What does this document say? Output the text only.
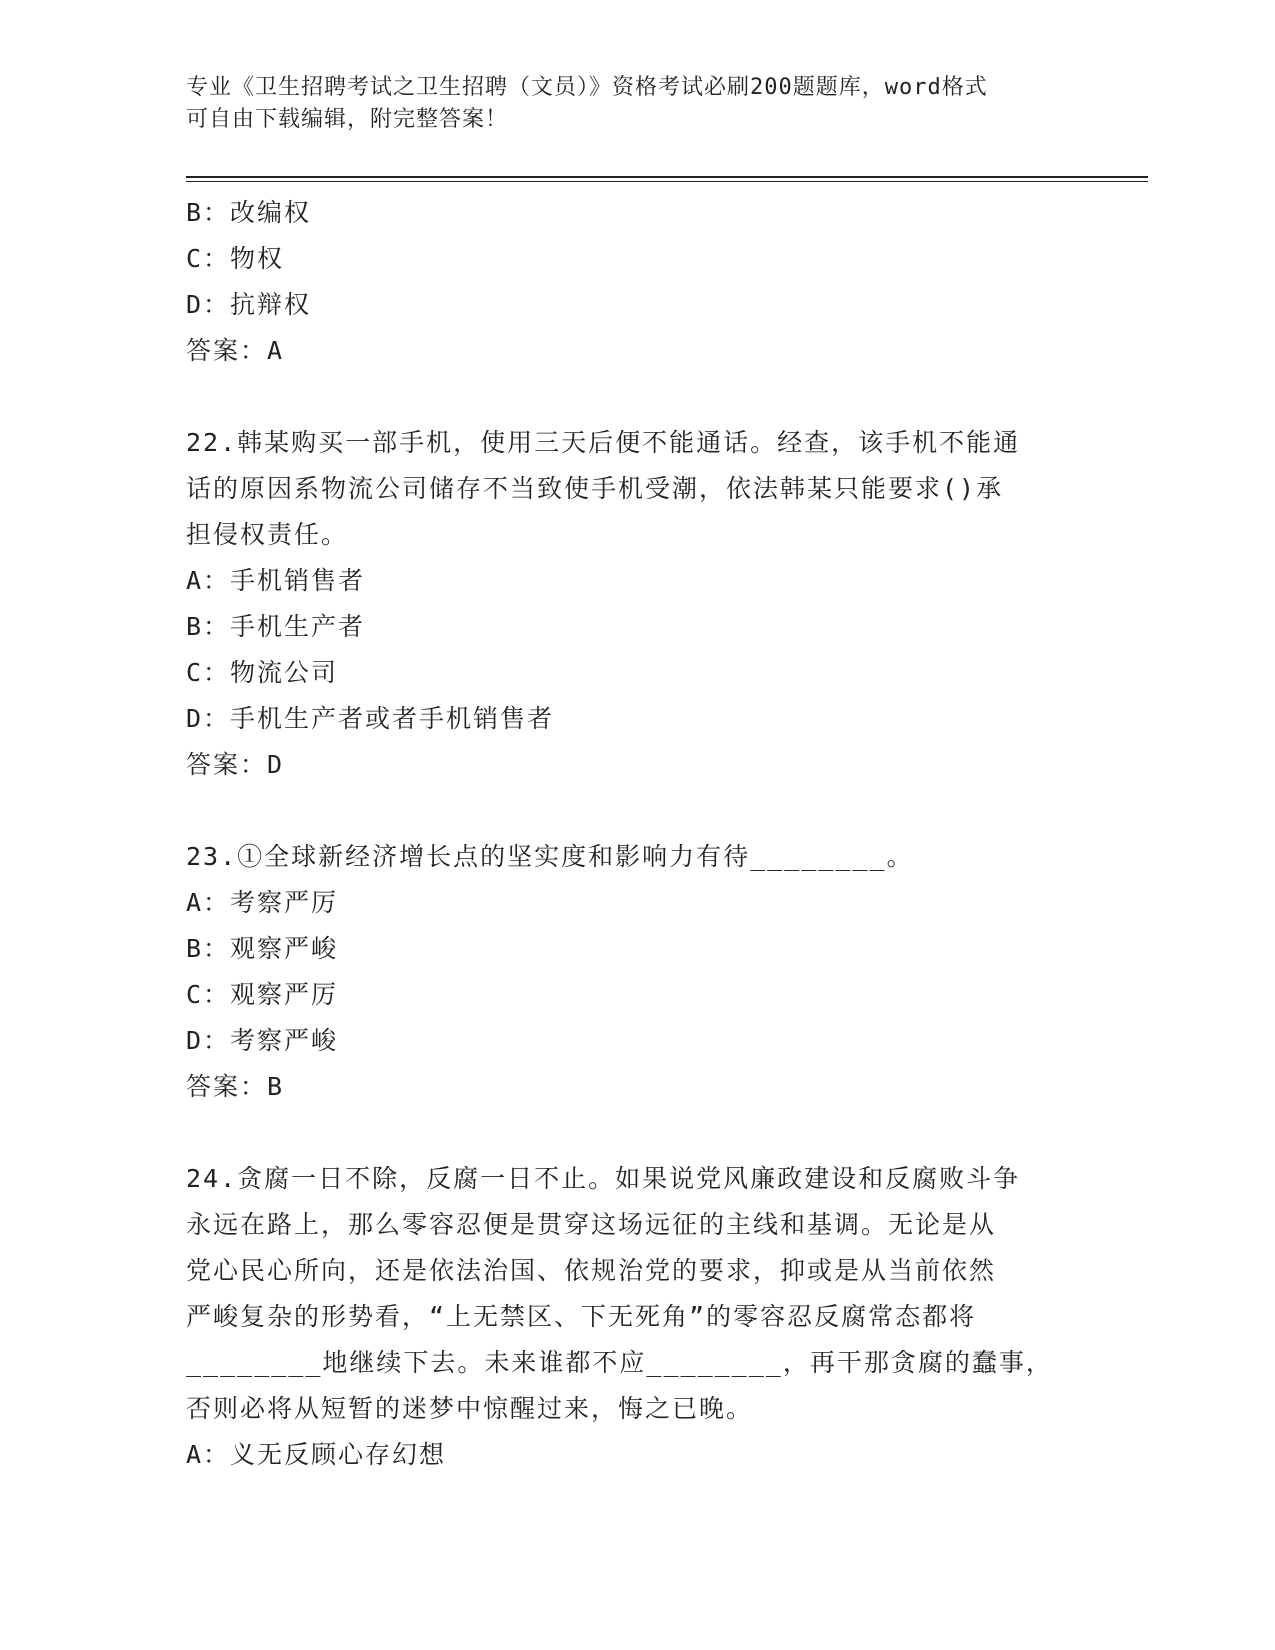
专业《卫生招聘考试之卫生招聘（文员）》资格考试必刷200题题库，word格式
可自由下载编辑，附完整答案！
B：改编权
C：物权
D：抗辩权
答案：A
22.韩某购买一部手机，使用三天后便不能通话。经查，该手机不能通
话的原因系物流公司储存不当致使手机受潮，依法韩某只能要求()承
担侵权责任。
A：手机销售者
B：手机生产者
C：物流公司
D：手机生产者或者手机销售者
答案：D
23.①全球新经济增长点的坚实度和影响力有待________。
A：考察严厉
B：观察严峻
C：观察严厉
D：考察严峻
答案：B
24.贪腐一日不除，反腐一日不止。如果说党风廉政建设和反腐败斗争
永远在路上，那么零容忍便是贯穿这场远征的主线和基调。无论是从
党心民心所向，还是依法治国、依规治党的要求，抑或是从当前依然
严峻复杂的形势看，“上无禁区、下无死角”的零容忍反腐常态都将
________地继续下去。未来谁都不应________，再干那贪腐的蠢事，
否则必将从短暂的迷梦中惊醒过来，悔之已晚。
A：义无反顾心存幻想
